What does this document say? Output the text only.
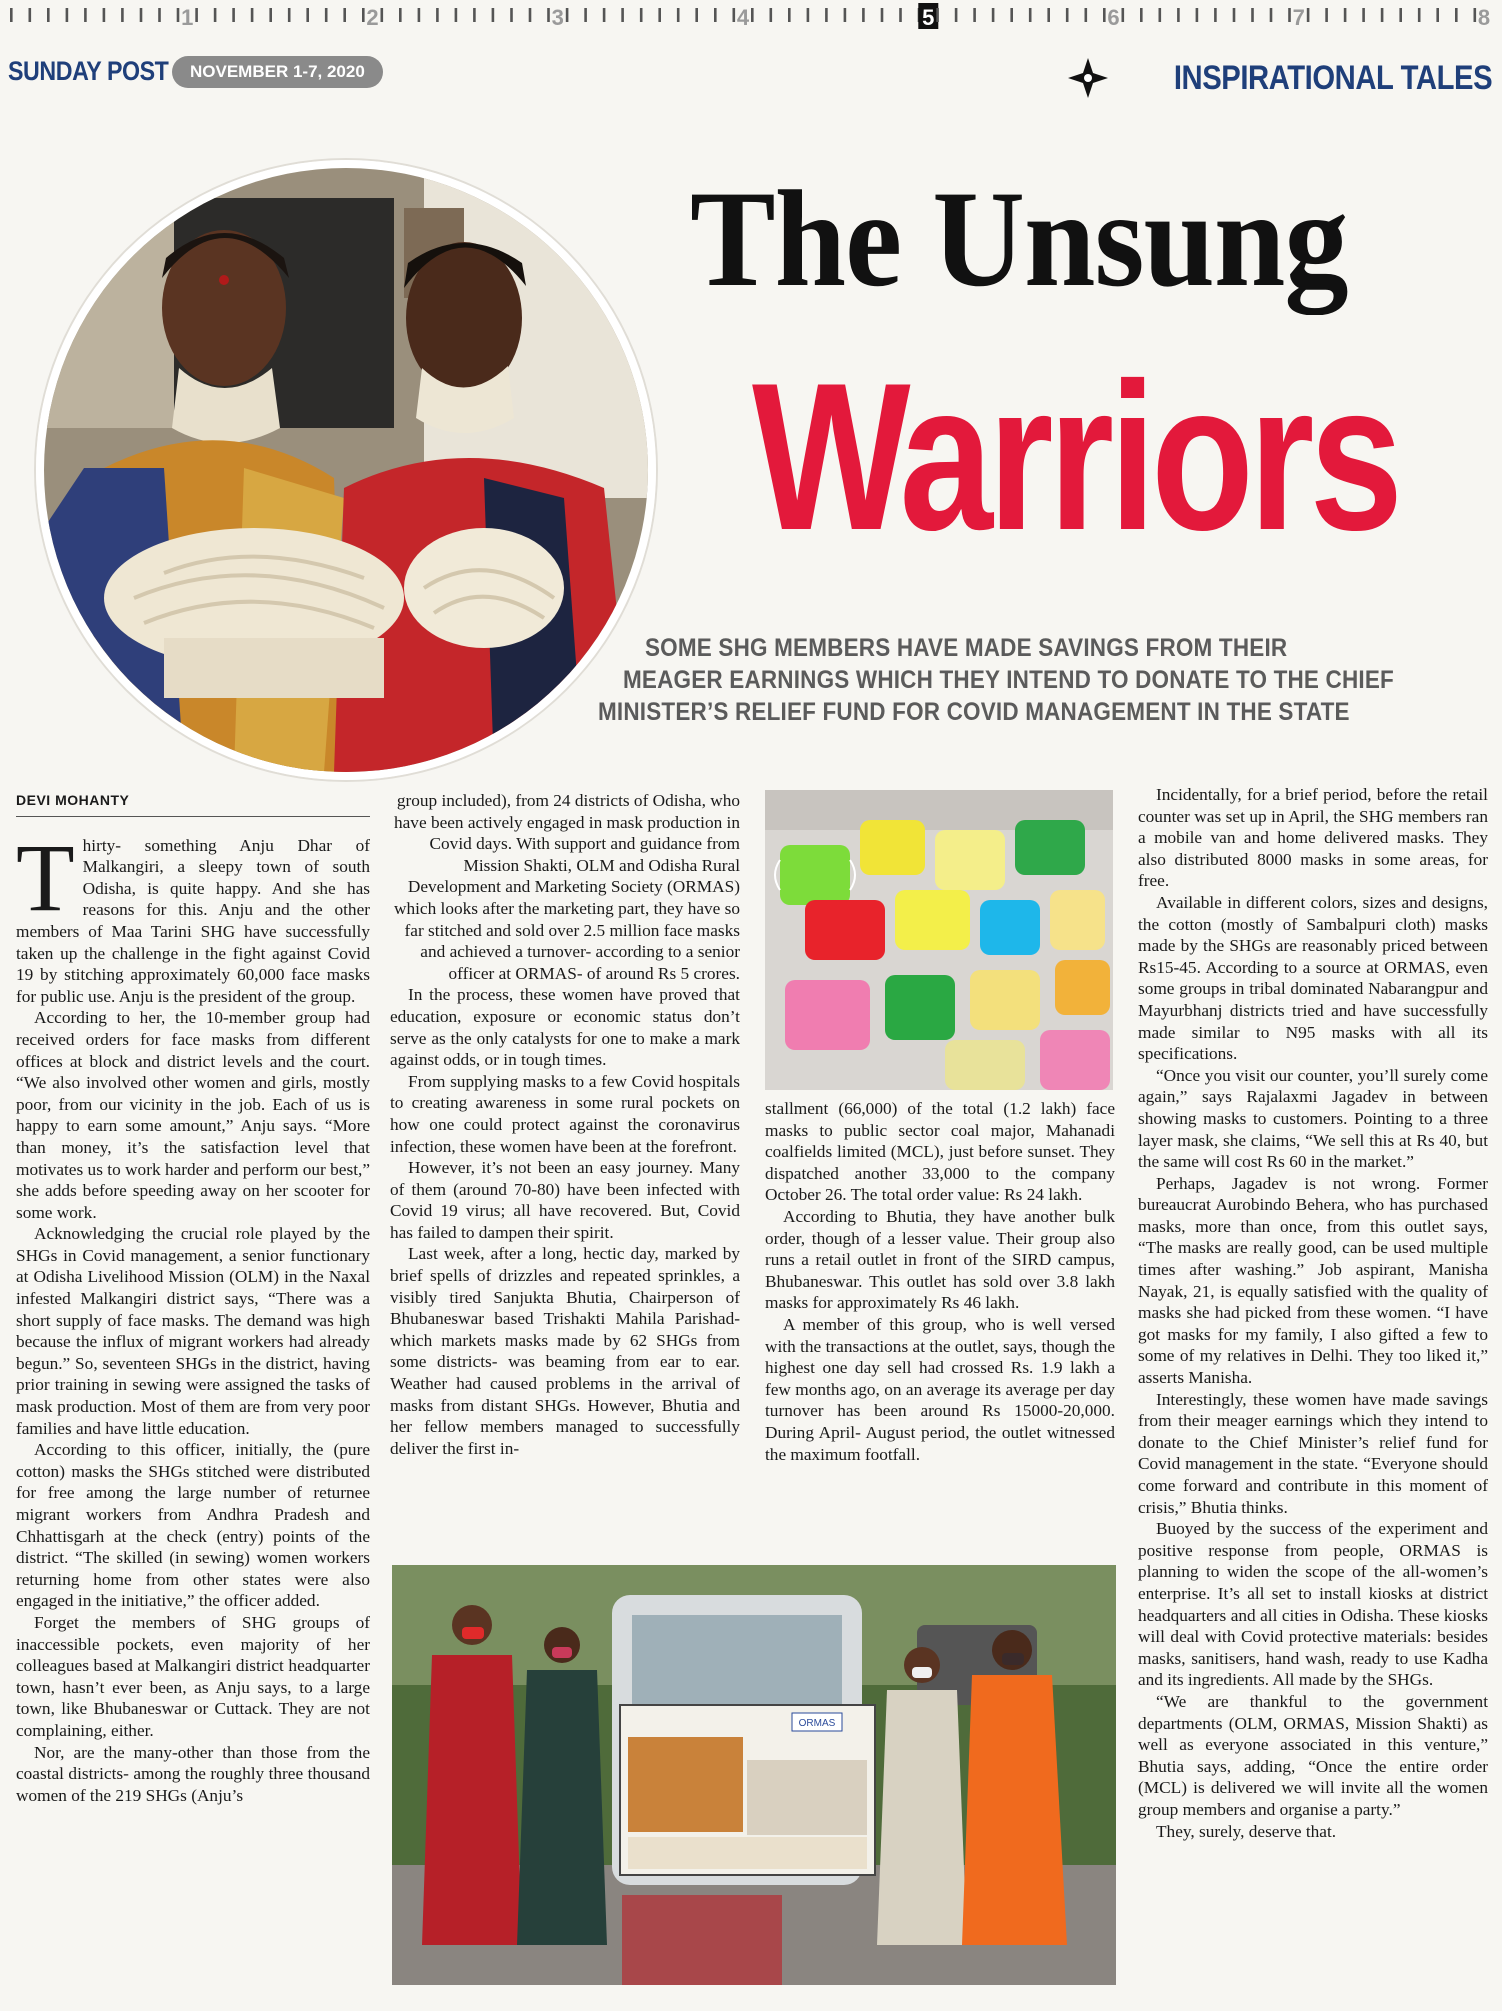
1	2	3	4	5	6	7	8
SUNDAY POST	NOVEMBER 1-7, 2020	INSPIRATIONAL TALES
The Unsung
Warriors
SOME SHG MEMBERS HAVE MADE SAVINGS FROM THEIR
MEAGER EARNINGS WHICH THEY INTEND TO DONATE TO THE CHIEF
MINISTER’S RELIEF FUND FOR COVID MANAGEMENT IN THE STATE
DEVI MOHANTY

Thirty- something Anju Dhar of Malkangiri, a sleepy town of south Odisha, is quite happy. And she has reasons for this. Anju and the other members of Maa Tarini SHG have successfully taken up the challenge in the fight against Covid 19 by stitching approximately 60,000 face masks for public use. Anju is the president of the group.

According to her, the 10-member group had received orders for face masks from different offices at block and district levels and the court. “We also involved other women and girls, mostly poor, from our vicinity in the job. Each of us is happy to earn some amount,” Anju says. “More than money, it’s the satisfaction level that motivates us to work harder and perform our best,” she adds before speeding away on her scooter for some work.

Acknowledging the crucial role played by the SHGs in Covid management, a senior functionary at Odisha Livelihood Mission (OLM) in the Naxal infested Malkangiri district says, “There was a short supply of face masks. The demand was high because the influx of migrant workers had already begun.” So, seventeen SHGs in the district, having prior training in sewing were assigned the tasks of mask production. Most of them are from very poor families and have little education.

According to this officer, initially, the (pure cotton) masks the SHGs stitched were distributed for free among the large number of returnee migrant workers from Andhra Pradesh and Chhattisgarh at the check (entry) points of the district. “The skilled (in sewing) women workers returning home from other states were also engaged in the initiative,” the officer added.

Forget the members of SHG groups of inaccessible pockets, even majority of her colleagues based at Malkangiri district headquarter town, hasn’t ever been, as Anju says, to a large town, like Bhubaneswar or Cuttack. They are not complaining, either.

Nor, are the many-other than those from the coastal districts- among the roughly three thousand women of the 219 SHGs (Anju’s

group included), from 24 districts of Odisha, who have been actively engaged in mask production in Covid days. With support and guidance from Mission Shakti, OLM and Odisha Rural Development and Marketing Society (ORMAS) which looks after the marketing part, they have so far stitched and sold over 2.5 million face masks and achieved a turnover- according to a senior officer at ORMAS- of around Rs 5 crores.

In the process, these women have proved that education, exposure or economic status don’t serve as the only catalysts for one to make a mark against odds, or in tough times.

From supplying masks to a few Covid hospitals to creating awareness in some rural pockets on how one could protect against the coronavirus infection, these women have been at the forefront.

However, it’s not been an easy journey. Many of them (around 70-80) have been infected with Covid 19 virus; all have recovered. But, Covid has failed to dampen their spirit.

Last week, after a long, hectic day, marked by brief spells of drizzles and repeated sprinkles, a visibly tired Sanjukta Bhutia, Chairperson of Bhubaneswar based Trishakti Mahila Parishad- which markets masks made by 62 SHGs from some districts- was beaming from ear to ear. Weather had caused problems in the arrival of masks from distant SHGs. However, Bhutia and her fellow members managed to successfully deliver the first in-

stallment (66,000) of the total (1.2 lakh) face masks to public sector coal major, Mahanadi coalfields limited (MCL), just before sunset. They dispatched another 33,000 to the company October 26. The total order value: Rs 24 lakh.

According to Bhutia, they have another bulk order, though of a lesser value. Their group also runs a retail outlet in front of the SIRD campus, Bhubaneswar. This outlet has sold over 3.8 lakh masks for approximately Rs 46 lakh.

A member of this group, who is well versed with the transactions at the outlet, says, though the highest one day sell had crossed Rs. 1.9 lakh a few months ago, on an average its average per day turnover has been around Rs 15000-20,000. During April- August period, the outlet witnessed the maximum footfall.

ORMAS

Incidentally, for a brief period, before the retail counter was set up in April, the SHG members ran a mobile van and home delivered masks. They also distributed 8000 masks in some areas, for free.

Available in different colors, sizes and designs, the cotton (mostly of Sambalpuri cloth) masks made by the SHGs are reasonably priced between Rs15-45. According to a source at ORMAS, even some groups in tribal dominated Nabarangpur and Mayurbhanj districts tried and have successfully made similar to N95 masks with all its specifications.

“Once you visit our counter, you’ll surely come again,” says Rajalaxmi Jagadev in between showing masks to customers. Pointing to a three layer mask, she claims, “We sell this at Rs 40, but the same will cost Rs 60 in the market.”

Perhaps, Jagadev is not wrong. Former bureaucrat Aurobindo Behera, who has purchased masks, more than once, from this outlet says, “The masks are really good, can be used multiple times after washing.” Job aspirant, Manisha Nayak, 21, is equally satisfied with the quality of masks she had picked from these women. “I have got masks for my family, I also gifted a few to some of my relatives in Delhi. They too liked it,” asserts Manisha.

Interestingly, these women have made savings from their meager earnings which they intend to donate to the Chief Minister’s relief fund for Covid management in the state. “Everyone should come forward and contribute in this moment of crisis,” Bhutia thinks.

Buoyed by the success of the experiment and positive response from people, ORMAS is planning to widen the scope of the all-women’s enterprise. It’s all set to install kiosks at district headquarters and all cities in Odisha. These kiosks will deal with Covid protective materials: besides masks, sanitisers, hand wash, ready to use Kadha and its ingredients. All made by the SHGs.

“We are thankful to the government departments (OLM, ORMAS, Mission Shakti) as well as everyone associated in this venture,” Bhutia says, adding, “Once the entire order (MCL) is delivered we will invite all the women group members and organise a party.”

They, surely, deserve that.
